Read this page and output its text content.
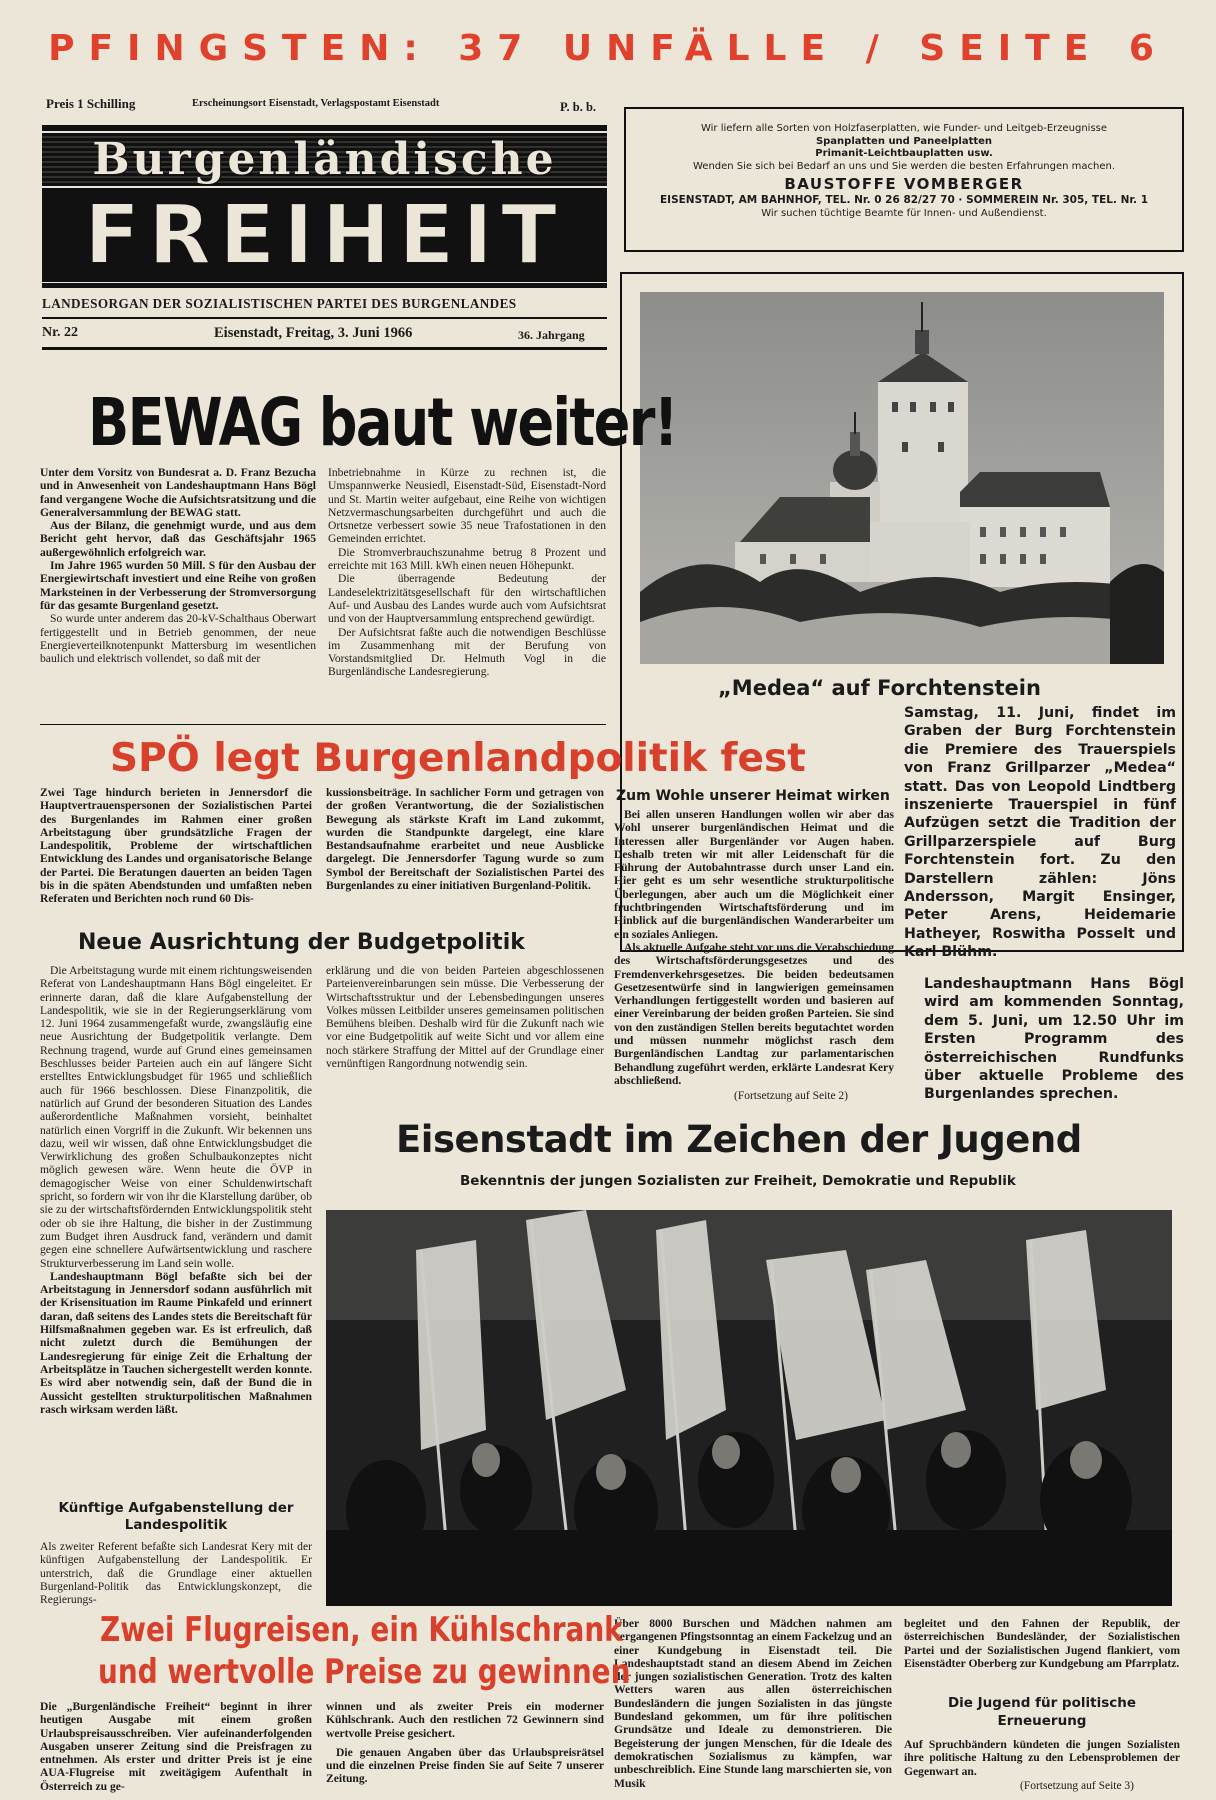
PFINGSTEN: 37 UNFÄLLE / SEITE 6
Preis 1 Schilling	Erscheinungsort Eisenstadt, Verlagspostamt Eisenstadt	P. b. b.
Burgenländische
FREIHEIT
LANDESORGAN DER SOZIALISTISCHEN PARTEI DES BURGENLANDES
Nr. 22	Eisenstadt, Freitag, 3. Juni 1966	36. Jahrgang
Wir liefern alle Sorten von Holzfaserplatten, wie Funder- und Leitgeb-Erzeugnisse
Spanplatten und Paneelplatten
Primanit-Leichtbauplatten usw.
Wenden Sie sich bei Bedarf an uns und Sie werden die besten Erfahrungen machen.
BAUSTOFFE VOMBERGER
EISENSTADT, AM BAHNHOF, TEL. Nr. 0 26 82/27 70 · SOMMEREIN Nr. 305, TEL. Nr. 1
Wir suchen tüchtige Beamte für Innen- und Außendienst.
„Medea“ auf Forchtenstein
Samstag, 11. Juni, findet im Graben der Burg Forchtenstein die Premiere des Trauerspiels von Franz Grillparzer „Medea“ statt. Das von Leopold Lindtberg inszenierte Trauerspiel in fünf Aufzügen setzt die Tradition der Grillparzerspiele auf Burg Forchtenstein fort. Zu den Darstellern zählen: Jöns Andersson, Margit Ensinger, Peter Arens, Heidemarie Hatheyer, Roswitha Posselt und Karl Blühm.
Landeshauptmann Hans Bögl wird am kommenden Sonntag, dem 5. Juni, um 12.50 Uhr im Ersten Programm des österreichischen Rundfunks über aktuelle Probleme des Burgenlandes sprechen.
BEWAG baut weiter!

Unter dem Vorsitz von Bundesrat a. D. Franz Bezucha und in Anwesenheit von Landeshauptmann Hans Bögl fand vergangene Woche die Aufsichtsratsitzung und die Generalversammlung der BEWAG statt.

Aus der Bilanz, die genehmigt wurde, und aus dem Bericht geht hervor, daß das Geschäftsjahr 1965 außergewöhnlich erfolgreich war.

Im Jahre 1965 wurden 50 Mill. S für den Ausbau der Energiewirtschaft investiert und eine Reihe von großen Marksteinen in der Verbesserung der Stromversorgung für das gesamte Burgenland gesetzt.

So wurde unter anderem das 20-kV-Schalthaus Oberwart fertiggestellt und in Betrieb genommen, der neue Energieverteilknotenpunkt Mattersburg im wesentlichen baulich und elektrisch vollendet, so daß mit der

Inbetriebnahme in Kürze zu rechnen ist, die Umspannwerke Neusiedl, Eisenstadt-Süd, Eisenstadt-Nord und St. Martin weiter aufgebaut, eine Reihe von wichtigen Netzvermaschungsarbeiten durchgeführt und auch die Ortsnetze verbessert sowie 35 neue Trafostationen in den Gemeinden errichtet.

Die Stromverbrauchszunahme betrug 8 Prozent und erreichte mit 163 Mill. kWh einen neuen Höhepunkt.

Die überragende Bedeutung der Landeselektrizitätsgesellschaft für den wirtschaftlichen Auf- und Ausbau des Landes wurde auch vom Aufsichtsrat und von der Hauptversammlung entsprechend gewürdigt.

Der Aufsichtsrat faßte auch die notwendigen Beschlüsse im Zusammenhang mit der Berufung von Vorstandsmitglied Dr. Helmuth Vogl in die Burgenländische Landesregierung.

SPÖ legt Burgenlandpolitik fest
Zwei Tage hindurch berieten in Jennersdorf die Hauptvertrauenspersonen der Sozialistischen Partei des Burgenlandes im Rahmen einer großen Arbeitstagung über grundsätzliche Fragen der Landespolitik, Probleme der wirtschaftlichen Entwicklung des Landes und organisatorische Belange der Partei. Die Beratungen dauerten an beiden Tagen bis in die späten Abendstunden und umfaßten neben Referaten und Berichten noch rund 60 Dis-
kussionsbeiträge. In sachlicher Form und getragen von der großen Verantwortung, die der Sozialistischen Bewegung als stärkste Kraft im Land zukommt, wurden die Standpunkte dargelegt, eine klare Bestandsaufnahme erarbeitet und neue Ausblicke dargelegt. Die Jennersdorfer Tagung wurde so zum Symbol der Bereitschaft der Sozialistischen Partei des Burgenlandes zu einer initiativen Burgenland-Politik.
Zum Wohle unserer Heimat wirken

Bei allen unseren Handlungen wollen wir aber das Wohl unserer burgenländischen Heimat und die Interessen aller Burgenländer vor Augen haben. Deshalb treten wir mit aller Leidenschaft für die Führung der Autobahntrasse durch unser Land ein. Hier geht es um sehr wesentliche strukturpolitische Überlegungen, aber auch um die Möglichkeit einer fruchtbringenden Wirtschaftsförderung und im Hinblick auf die burgenländischen Wanderarbeiter um ein soziales Anliegen.

Als aktuelle Aufgabe steht vor uns die Verabschiedung des Wirtschaftsförderungsgesetzes und des Fremdenverkehrsgesetzes. Die beiden bedeutsamen Gesetzesentwürfe sind in langwierigen gemeinsamen Verhandlungen fertiggestellt worden und basieren auf einer Vereinbarung der beiden großen Parteien. Sie sind von den zuständigen Stellen bereits begutachtet worden und müssen nunmehr möglichst rasch dem Burgenländischen Landtag zur parlamentarischen Behandlung zugeführt werden, erklärte Landesrat Kery abschließend.

(Fortsetzung auf Seite 2)
Neue Ausrichtung der Budgetpolitik

Die Arbeitstagung wurde mit einem richtungsweisenden Referat von Landeshauptmann Hans Bögl eingeleitet. Er erinnerte daran, daß die klare Aufgabenstellung der Landespolitik, wie sie in der Regierungserklärung vom 12. Juni 1964 zusammengefaßt wurde, zwangsläufig eine neue Ausrichtung der Budgetpolitik verlangte. Dem Rechnung tragend, wurde auf Grund eines gemeinsamen Beschlusses beider Parteien auch ein auf längere Sicht erstelltes Entwicklungsbudget für 1965 und schließlich auch für 1966 beschlossen. Diese Finanzpolitik, die natürlich auf Grund der besonderen Situation des Landes außerordentliche Maßnahmen vorsieht, beinhaltet natürlich einen Vorgriff in die Zukunft. Wir bekennen uns dazu, weil wir wissen, daß ohne Entwicklungsbudget die Verwirklichung des großen Schulbaukonzeptes nicht möglich gewesen wäre. Wenn heute die ÖVP in demagogischer Weise von einer Schuldenwirtschaft spricht, so fordern wir von ihr die Klarstellung darüber, ob sie zu der wirtschaftsfördernden Entwicklungspolitik steht oder ob sie ihre Haltung, die bisher in der Zustimmung zum Budget ihren Ausdruck fand, verändern und damit gegen eine schnellere Aufwärtsentwicklung und raschere Strukturverbesserung im Land sein wolle.

Landeshauptmann Bögl befaßte sich bei der Arbeitstagung in Jennersdorf sodann ausführlich mit der Krisensituation im Raume Pinkafeld und erinnert daran, daß seitens des Landes stets die Bereitschaft für Hilfsmaßnahmen gegeben war. Es ist erfreulich, daß nicht zuletzt durch die Bemühungen der Landesregierung für einige Zeit die Erhaltung der Arbeitsplätze in Tauchen sichergestellt werden konnte. Es wird aber notwendig sein, daß der Bund die in Aussicht gestellten strukturpolitischen Maßnahmen rasch wirksam werden läßt.

erklärung und die von beiden Parteien abgeschlossenen Parteienvereinbarungen sein müsse. Die Verbesserung der Wirtschaftsstruktur und der Lebensbedingungen unseres Volkes müssen Leitbilder unseres gemeinsamen politischen Bemühens bleiben. Deshalb wird für die Zukunft nach wie vor eine Budgetpolitik auf weite Sicht und vor allem eine noch stärkere Straffung der Mittel auf der Grundlage einer vernünftigen Rangordnung notwendig sein.
Künftige Aufgabenstellung der Landespolitik
Als zweiter Referent befaßte sich Landesrat Kery mit der künftigen Aufgabenstellung der Landespolitik. Er unterstrich, daß die Grundlage einer aktuellen Burgenland-Politik das Entwicklungskonzept, die Regierungs-
Eisenstadt im Zeichen der Jugend
Bekenntnis der jungen Sozialisten zur Freiheit, Demokratie und Republik
Über 8000 Burschen und Mädchen nahmen am vergangenen Pfingstsonntag an einem Fackelzug und an einer Kundgebung in Eisenstadt teil. Die Landeshauptstadt stand an diesem Abend im Zeichen der jungen sozialistischen Generation. Trotz des kalten Wetters waren aus allen österreichischen Bundesländern die jungen Sozialisten in das jüngste Bundesland gekommen, um für ihre politischen Grundsätze und Ideale zu demonstrieren. Die Begeisterung der jungen Menschen, für die Ideale des demokratischen Sozialismus zu kämpfen, war unbeschreiblich. Eine Stunde lang marschierten sie, von Musik
begleitet und den Fahnen der Republik, der österreichischen Bundesländer, der Sozialistischen Partei und der Sozialistischen Jugend flankiert, vom Eisenstädter Oberberg zur Kundgebung am Pfarrplatz.
Die Jugend für politische Erneuerung
Auf Spruchbändern kündeten die jungen Sozialisten ihre politische Haltung zu den Lebensproblemen der Gegenwart an.
(Fortsetzung auf Seite 3)
Zwei Flugreisen, ein Kühlschrank
und wertvolle Preise zu gewinnen
Die „Burgenländische Freiheit“ beginnt in ihrer heutigen Ausgabe mit einem großen Urlaubspreisausschreiben. Vier aufeinanderfolgenden Ausgaben unserer Zeitung sind die Preisfragen zu entnehmen. Als erster und dritter Preis ist je eine AUA-Flugreise mit zweitägigem Aufenthalt in Österreich zu ge-

winnen und als zweiter Preis ein moderner Kühlschrank. Auch den restlichen 72 Gewinnern sind wertvolle Preise gesichert.

Die genauen Angaben über das Urlaubspreisrätsel und die einzelnen Preise finden Sie auf Seite 7 unserer Zeitung.
